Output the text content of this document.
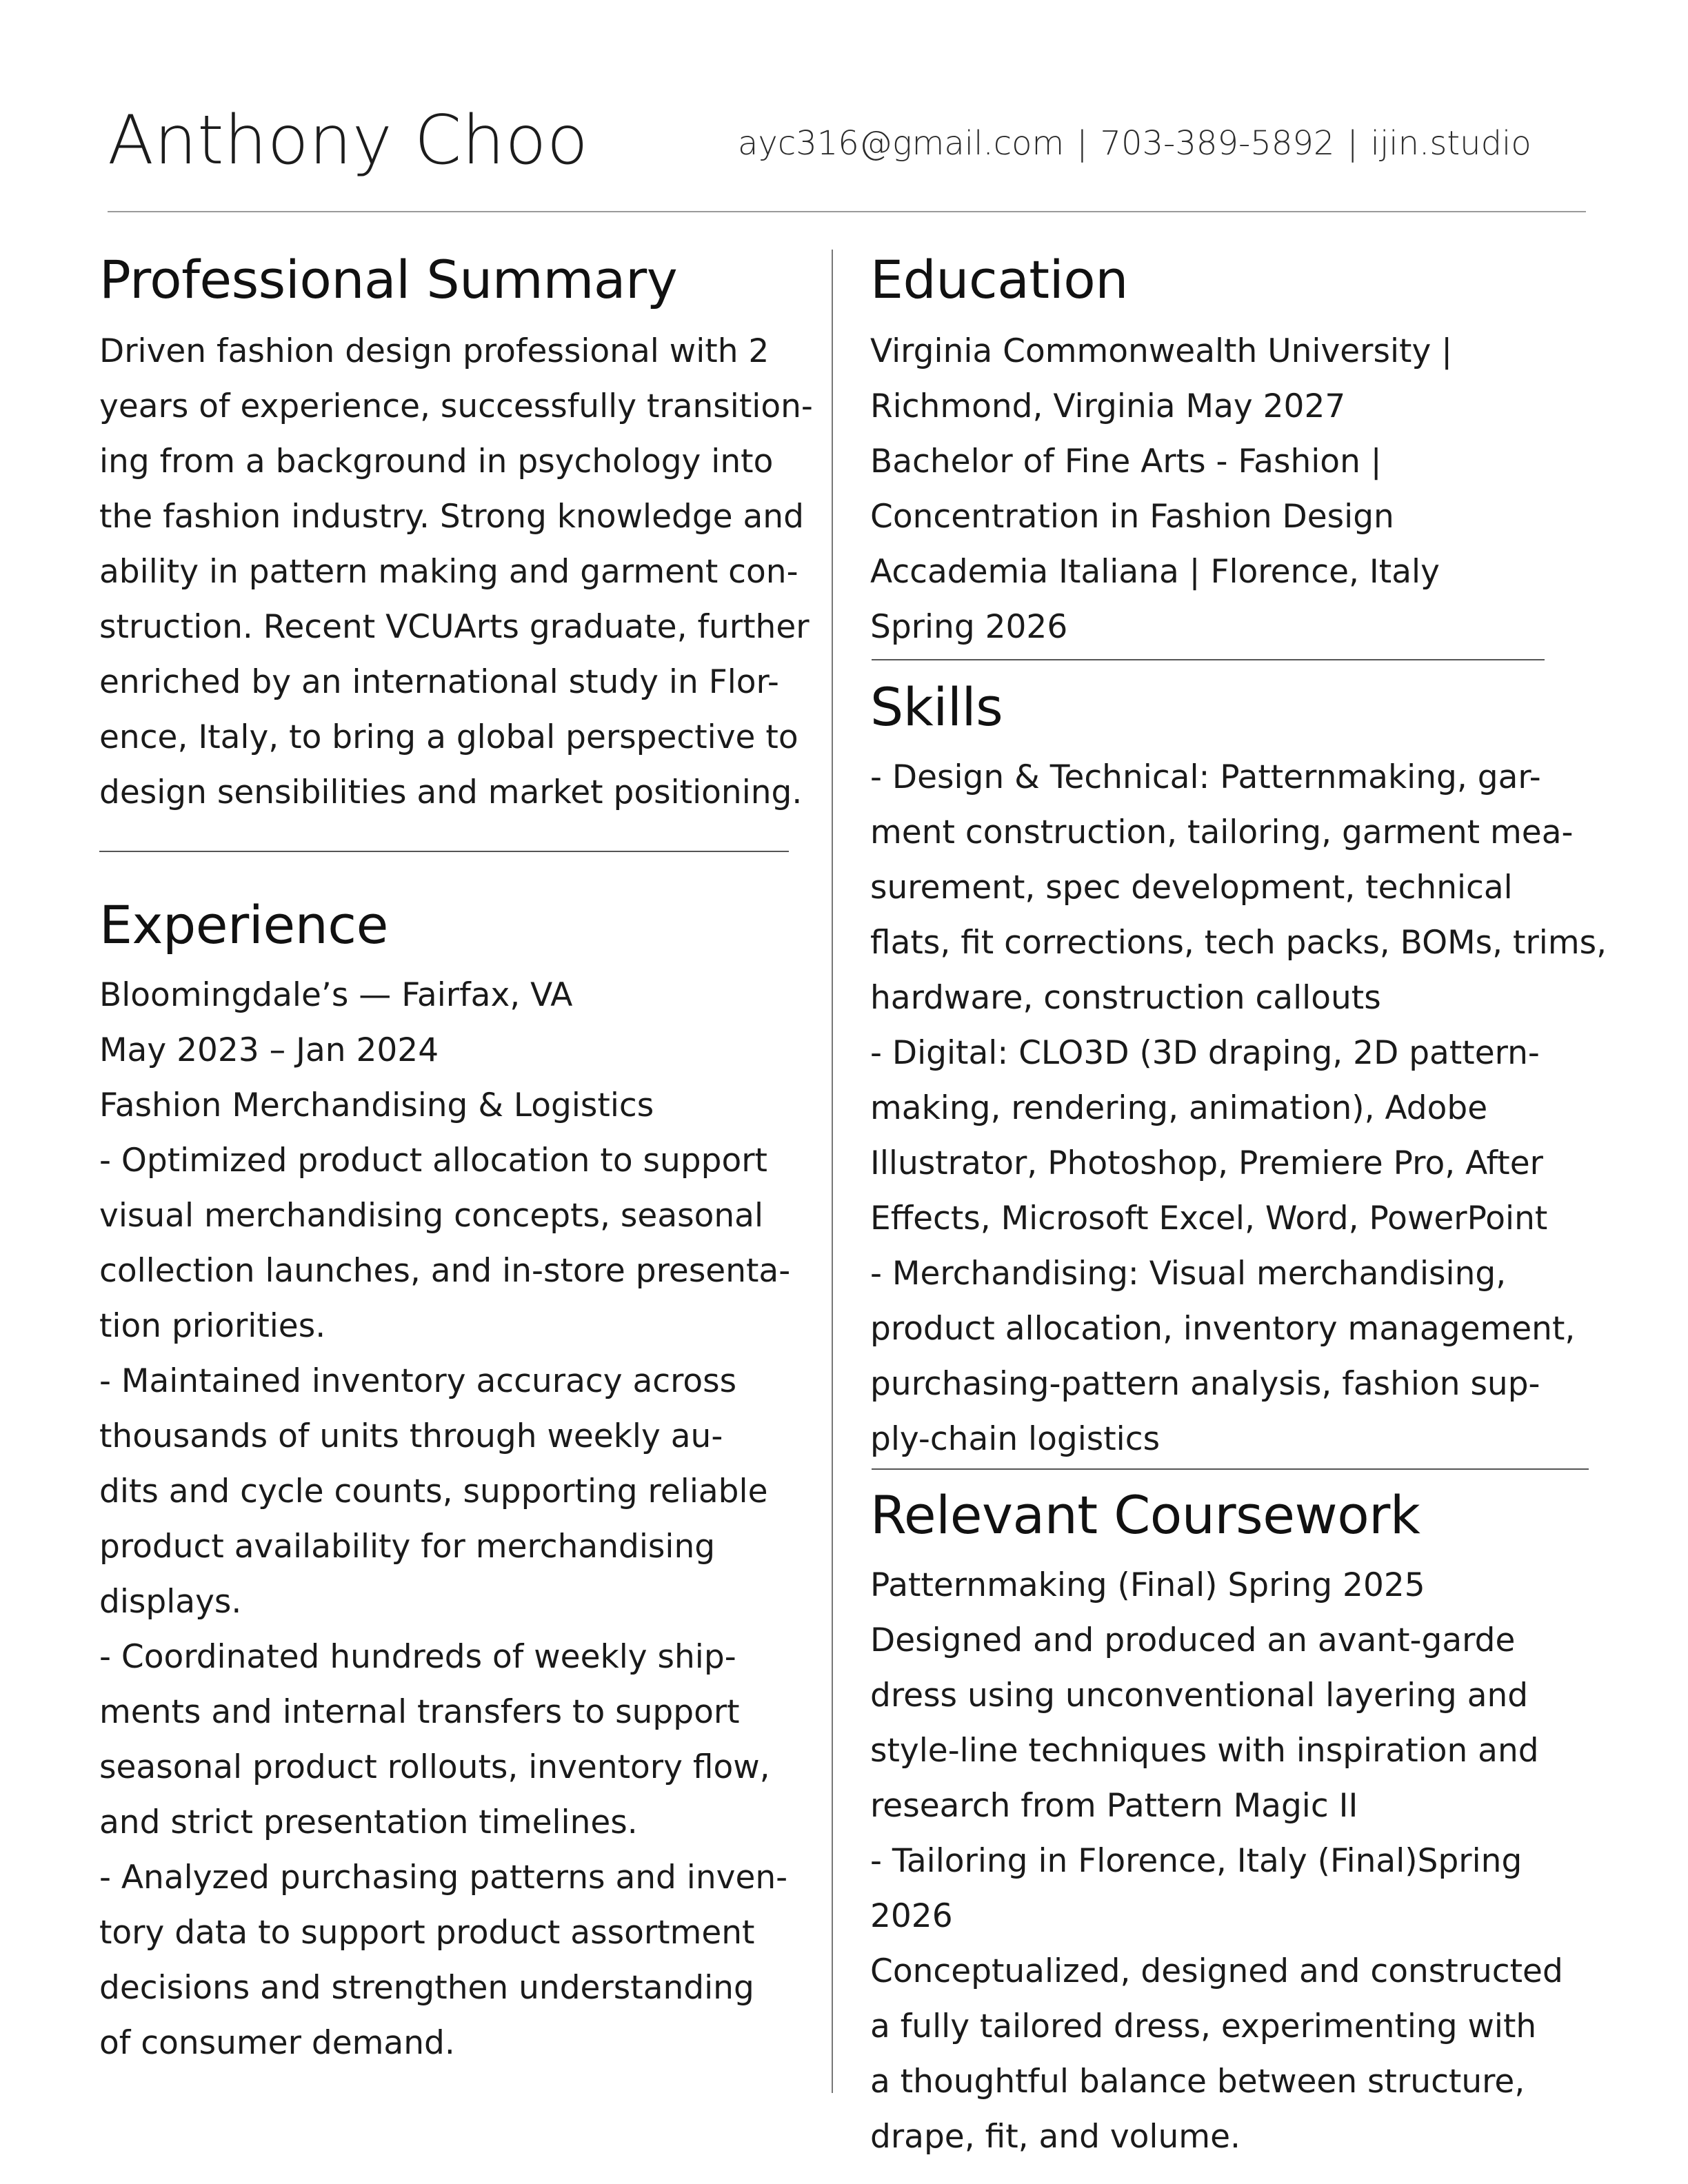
Anthony Choo	ayc316@gmail.com | 703-389-5892 | ijin.studio
Professional Summary
Driven fashion design professional with 2
years of experience, successfully transition-
ing from a background in psychology into
the fashion industry. Strong knowledge and
ability in pattern making and garment con-
struction. Recent VCUArts graduate, further
enriched by an international study in Flor-
ence, Italy, to bring a global perspective to
design sensibilities and market positioning.
Experience
Bloomingdale’s — Fairfax, VA
May 2023 – Jan 2024
Fashion Merchandising & Logistics
- Optimized product allocation to support
visual merchandising concepts, seasonal
collection launches, and in-store presenta-
tion priorities.
- Maintained inventory accuracy across
thousands of units through weekly au-
dits and cycle counts, supporting reliable
product availability for merchandising
displays.
- Coordinated hundreds of weekly ship-
ments and internal transfers to support
seasonal product rollouts, inventory flow,
and strict presentation timelines.
- Analyzed purchasing patterns and inven-
tory data to support product assortment
decisions and strengthen understanding
of consumer demand.
Education
Virginia Commonwealth University |
Richmond, Virginia May 2027
Bachelor of Fine Arts - Fashion |
Concentration in Fashion Design
Accademia Italiana | Florence, Italy
Spring 2026
Skills
- Design & Technical: Patternmaking, gar-
ment construction, tailoring, garment mea-
surement, spec development, technical
flats, fit corrections, tech packs, BOMs, trims,
hardware, construction callouts
- Digital: CLO3D (3D draping, 2D pattern-
making, rendering, animation), Adobe
Illustrator, Photoshop, Premiere Pro, After
Effects, Microsoft Excel, Word, PowerPoint
- Merchandising: Visual merchandising,
product allocation, inventory management,
purchasing-pattern analysis, fashion sup-
ply-chain logistics
Relevant Coursework
Patternmaking (Final) Spring 2025
Designed and produced an avant-garde
dress using unconventional layering and
style-line techniques with inspiration and
research from Pattern Magic II
- Tailoring in Florence, Italy (Final)Spring
2026
Conceptualized, designed and constructed
a fully tailored dress, experimenting with
a thoughtful balance between structure,
drape, fit, and volume.
